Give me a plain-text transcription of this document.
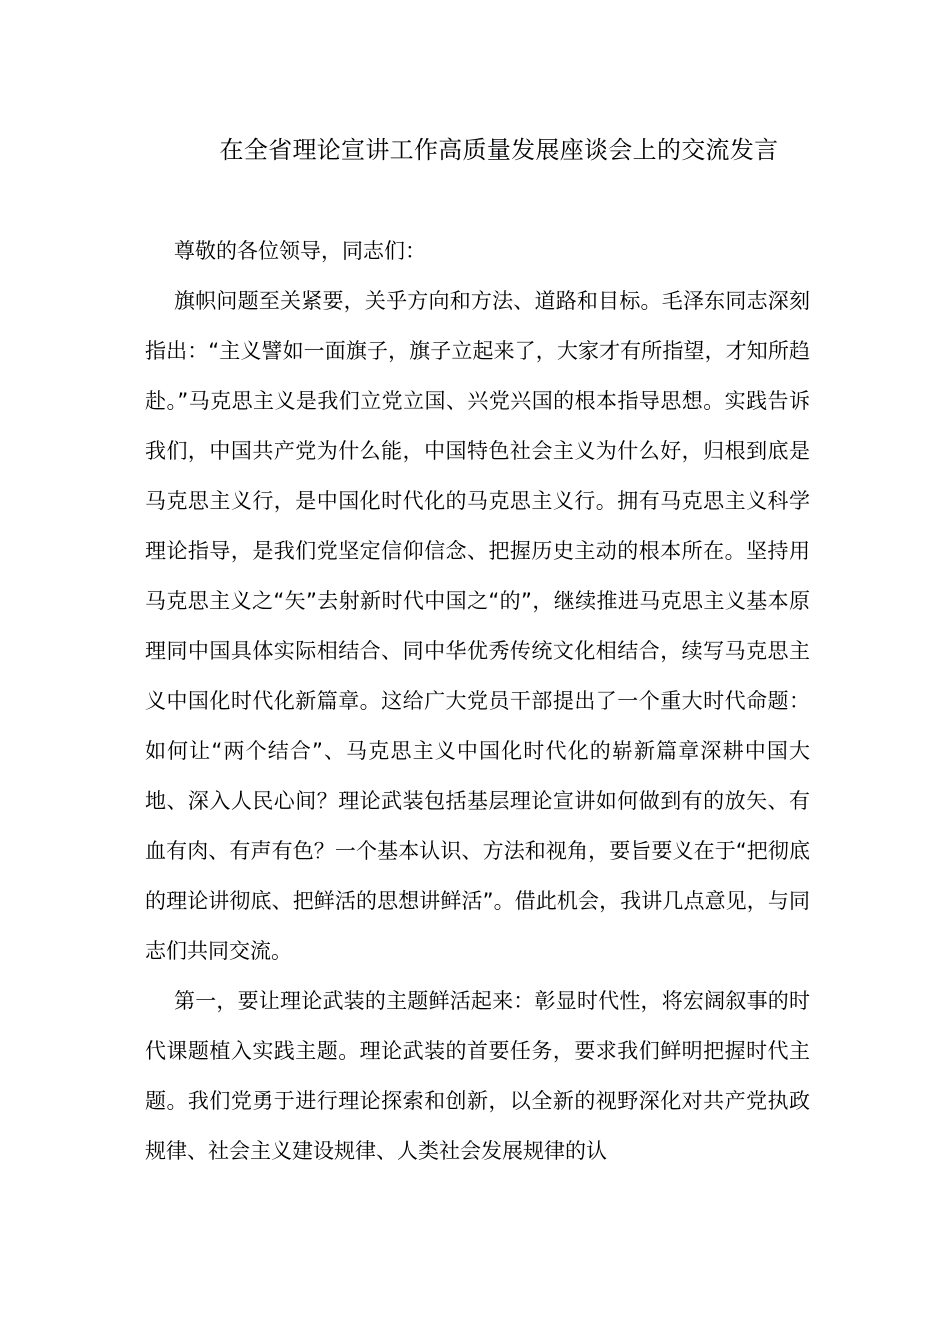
在全省理论宣讲工作高质量发展座谈会上的交流发言

尊敬的各位领导，同志们：

旗帜问题至关紧要，关乎方向和方法、道路和目标。毛泽东同志深刻指出：“主义譬如一面旗子，旗子立起来了，大家才有所指望，才知所趋赴。”马克思主义是我们立党立国、兴党兴国的根本指导思想。实践告诉我们，中国共产党为什么能，中国特色社会主义为什么好，归根到底是马克思主义行，是中国化时代化的马克思主义行。拥有马克思主义科学理论指导，是我们党坚定信仰信念、把握历史主动的根本所在。坚持用马克思主义之“矢”去射新时代中国之“的”，继续推进马克思主义基本原理同中国具体实际相结合、同中华优秀传统文化相结合，续写马克思主义中国化时代化新篇章。这给广大党员干部提出了一个重大时代命题：如何让“两个结合”、马克思主义中国化时代化的崭新篇章深耕中国大地、深入人民心间？理论武装包括基层理论宣讲如何做到有的放矢、有血有肉、有声有色？一个基本认识、方法和视角，要旨要义在于“把彻底的理论讲彻底、把鲜活的思想讲鲜活”。借此机会，我讲几点意见，与同志们共同交流。

第一，要让理论武装的主题鲜活起来：彰显时代性，将宏阔叙事的时代课题植入实践主题。理论武装的首要任务，要求我们鲜明把握时代主题。我们党勇于进行理论探索和创新，以全新的视野深化对共产党执政规律、社会主义建设规律、人类社会发展规律的认
